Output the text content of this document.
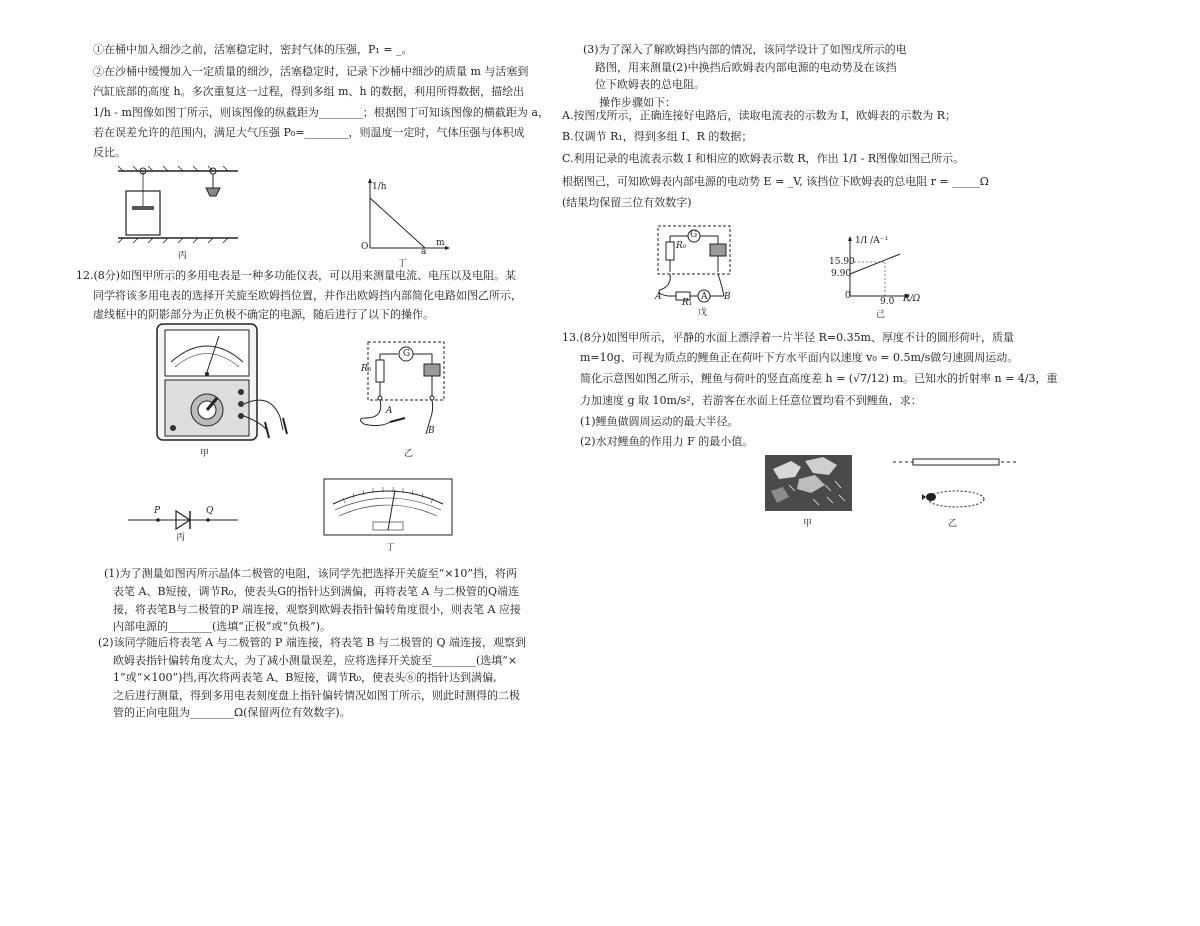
①在桶中加入细沙之前，活塞稳定时，密封气体的压强，P₁ = _。
②在沙桶中缓慢加入一定质量的细沙，活塞稳定时，记录下沙桶中细沙的质量 m 与活塞到
汽缸底部的高度 h。多次重复这一过程，得到多组 m、h 的数据，利用所得数据，描绘出
1/h - m图像如图丁所示，则该图像的纵截距为________；根据图丁可知该图像的横截距为 a，
若在误差允许的范围内，满足大气压强 P₀=________，则温度一定时，气体压强与体积成
反比。
丙
1/h
m
O	a
丁
12.(8分)如图甲所示的多用电表是一种多功能仪表，可以用来测量电流、电压以及电阻。某
同学将该多用电表的选择开关旋至欧姆挡位置，并作出欧姆挡内部简化电路如图乙所示，
虚线框中的阴影部分为正负极不确定的电源，随后进行了以下的操作。
甲
R₀
G
A
B
乙
P	Q
丙
丁
(1)为了测量如图丙所示晶体二极管的电阻，该同学先把选择开关旋至“×10”挡，将两
表笔 A、B短接，调节R₀，使表头G的指针达到满偏，再将表笔 A 与二极管的Q端连
接，将表笔B与二极管的P 端连接，观察到欧姆表指针偏转角度很小，则表笔 A 应接
内部电源的________(选填“正极”或“负极”)。
(2)该同学随后将表笔 A 与二极管的 P 端连接，将表笔 B 与二极管的 Q 端连接，观察到
欧姆表指针偏转角度太大，为了减小测量误差，应将选择开关旋至________(选填“×
1”或“×100”)挡,再次将两表笔 A、B短接，调节R₀，使表头⑥的指针达到满偏,
之后进行测量，得到多用电表刻度盘上指针偏转情况如图丁所示，则此时测得的二极
管的正向电阻为________Ω(保留两位有效数字)。
(3)为了深入了解欧姆挡内部的情况，该同学设计了如图戊所示的电
路图，用来测量(2)中换挡后欧姆表内部电源的电动势及在该挡
位下欧姆表的总电阻。
操作步骤如下：
A.按图戊所示，正确连接好电路后，读取电流表的示数为 I，欧姆表的示数为 R；
B.仅调节 R₁，得到多组 I、R 的数据；
C.利用记录的电流表示数 I 和相应的欧姆表示数 R，作出 1/I - R图像如图己所示。
根据图己，可知欧姆表内部电源的电动势 E = _V, 该挡位下欧姆表的总电阻 r = _____Ω
(结果均保留三位有效数字)
R₀
G
R₁
A
A	B
戊
1/I /A⁻¹
R/Ω
15.90
9.90
9.0
0
己
13.(8分)如图甲所示，平静的水面上漂浮着一片半径 R=0.35m、厚度不计的圆形荷叶，质量
m=10g、可视为质点的鲤鱼正在荷叶下方水平面内以速度 v₀ = 0.5m/s做匀速圆周运动。
简化示意图如图乙所示，鲤鱼与荷叶的竖直高度差 h = (√7/12) m。已知水的折射率 n = 4/3，重
力加速度 g 取 10m/s²，若游客在水面上任意位置均看不到鲤鱼，求：
(1)鲤鱼做圆周运动的最大半径。
(2)水对鲤鱼的作用力 F 的最小值。
甲	乙
